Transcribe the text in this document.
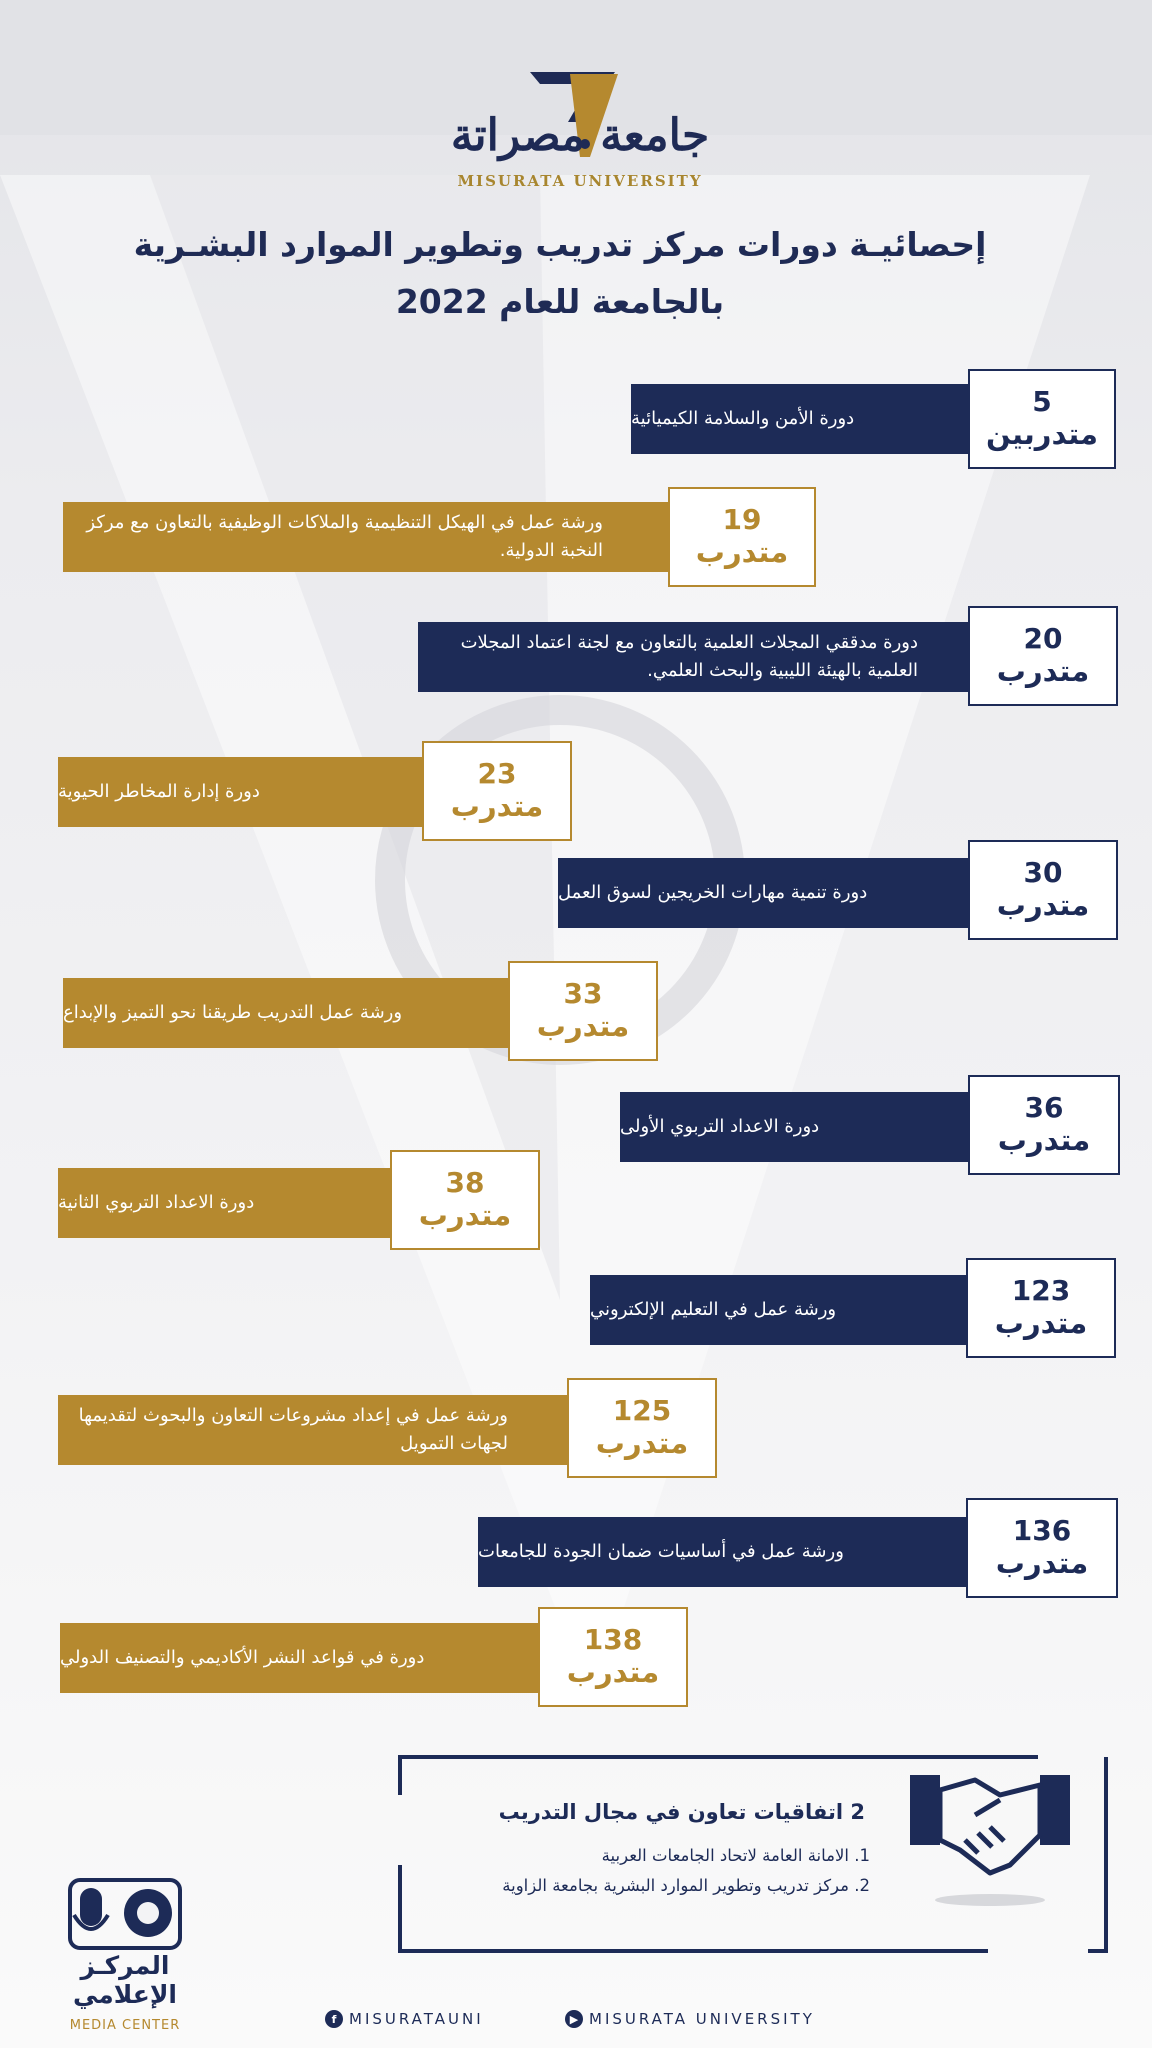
جامعة مصراتة
MISURATA UNIVERSITY
إحصائيـة دورات مركز تدريب وتطوير الموارد البشـرية
بالجامعة للعام 2022
دورة الأمن والسلامة الكيميائية
5
متدربين
ورشة عمل في الهيكل التنظيمية والملاكات الوظيفية بالتعاون مع مركز النخبة الدولية.
19
متدرب
دورة مدققي المجلات العلمية بالتعاون مع لجنة اعتماد المجلات العلمية بالهيئة الليبية والبحث العلمي.
20
متدرب
دورة إدارة المخاطر الحيوية
23
متدرب
دورة تنمية مهارات الخريجين لسوق العمل
30
متدرب
ورشة عمل التدريب طريقنا نحو التميز والإبداع
33
متدرب
دورة الاعداد التربوي الأولى
36
متدرب
دورة الاعداد التربوي الثانية
38
متدرب
ورشة عمل في التعليم الإلكتروني
123
متدرب
ورشة عمل في إعداد مشروعات التعاون والبحوث لتقديمها لجهات التمويل
125
متدرب
ورشة عمل في أساسيات ضمان الجودة للجامعات
136
متدرب
دورة في قواعد النشر الأكاديمي والتصنيف الدولي
138
متدرب
2 اتفاقيات تعاون في مجال التدريب
1. الامانة العامة لاتحاد الجامعات العربية
2. مركز تدريب وتطوير الموارد البشرية بجامعة الزاوية
المركـز الإعلامي
MEDIA CENTER	f MISURATAUNI	▶ MISURATA UNIVERSITY
